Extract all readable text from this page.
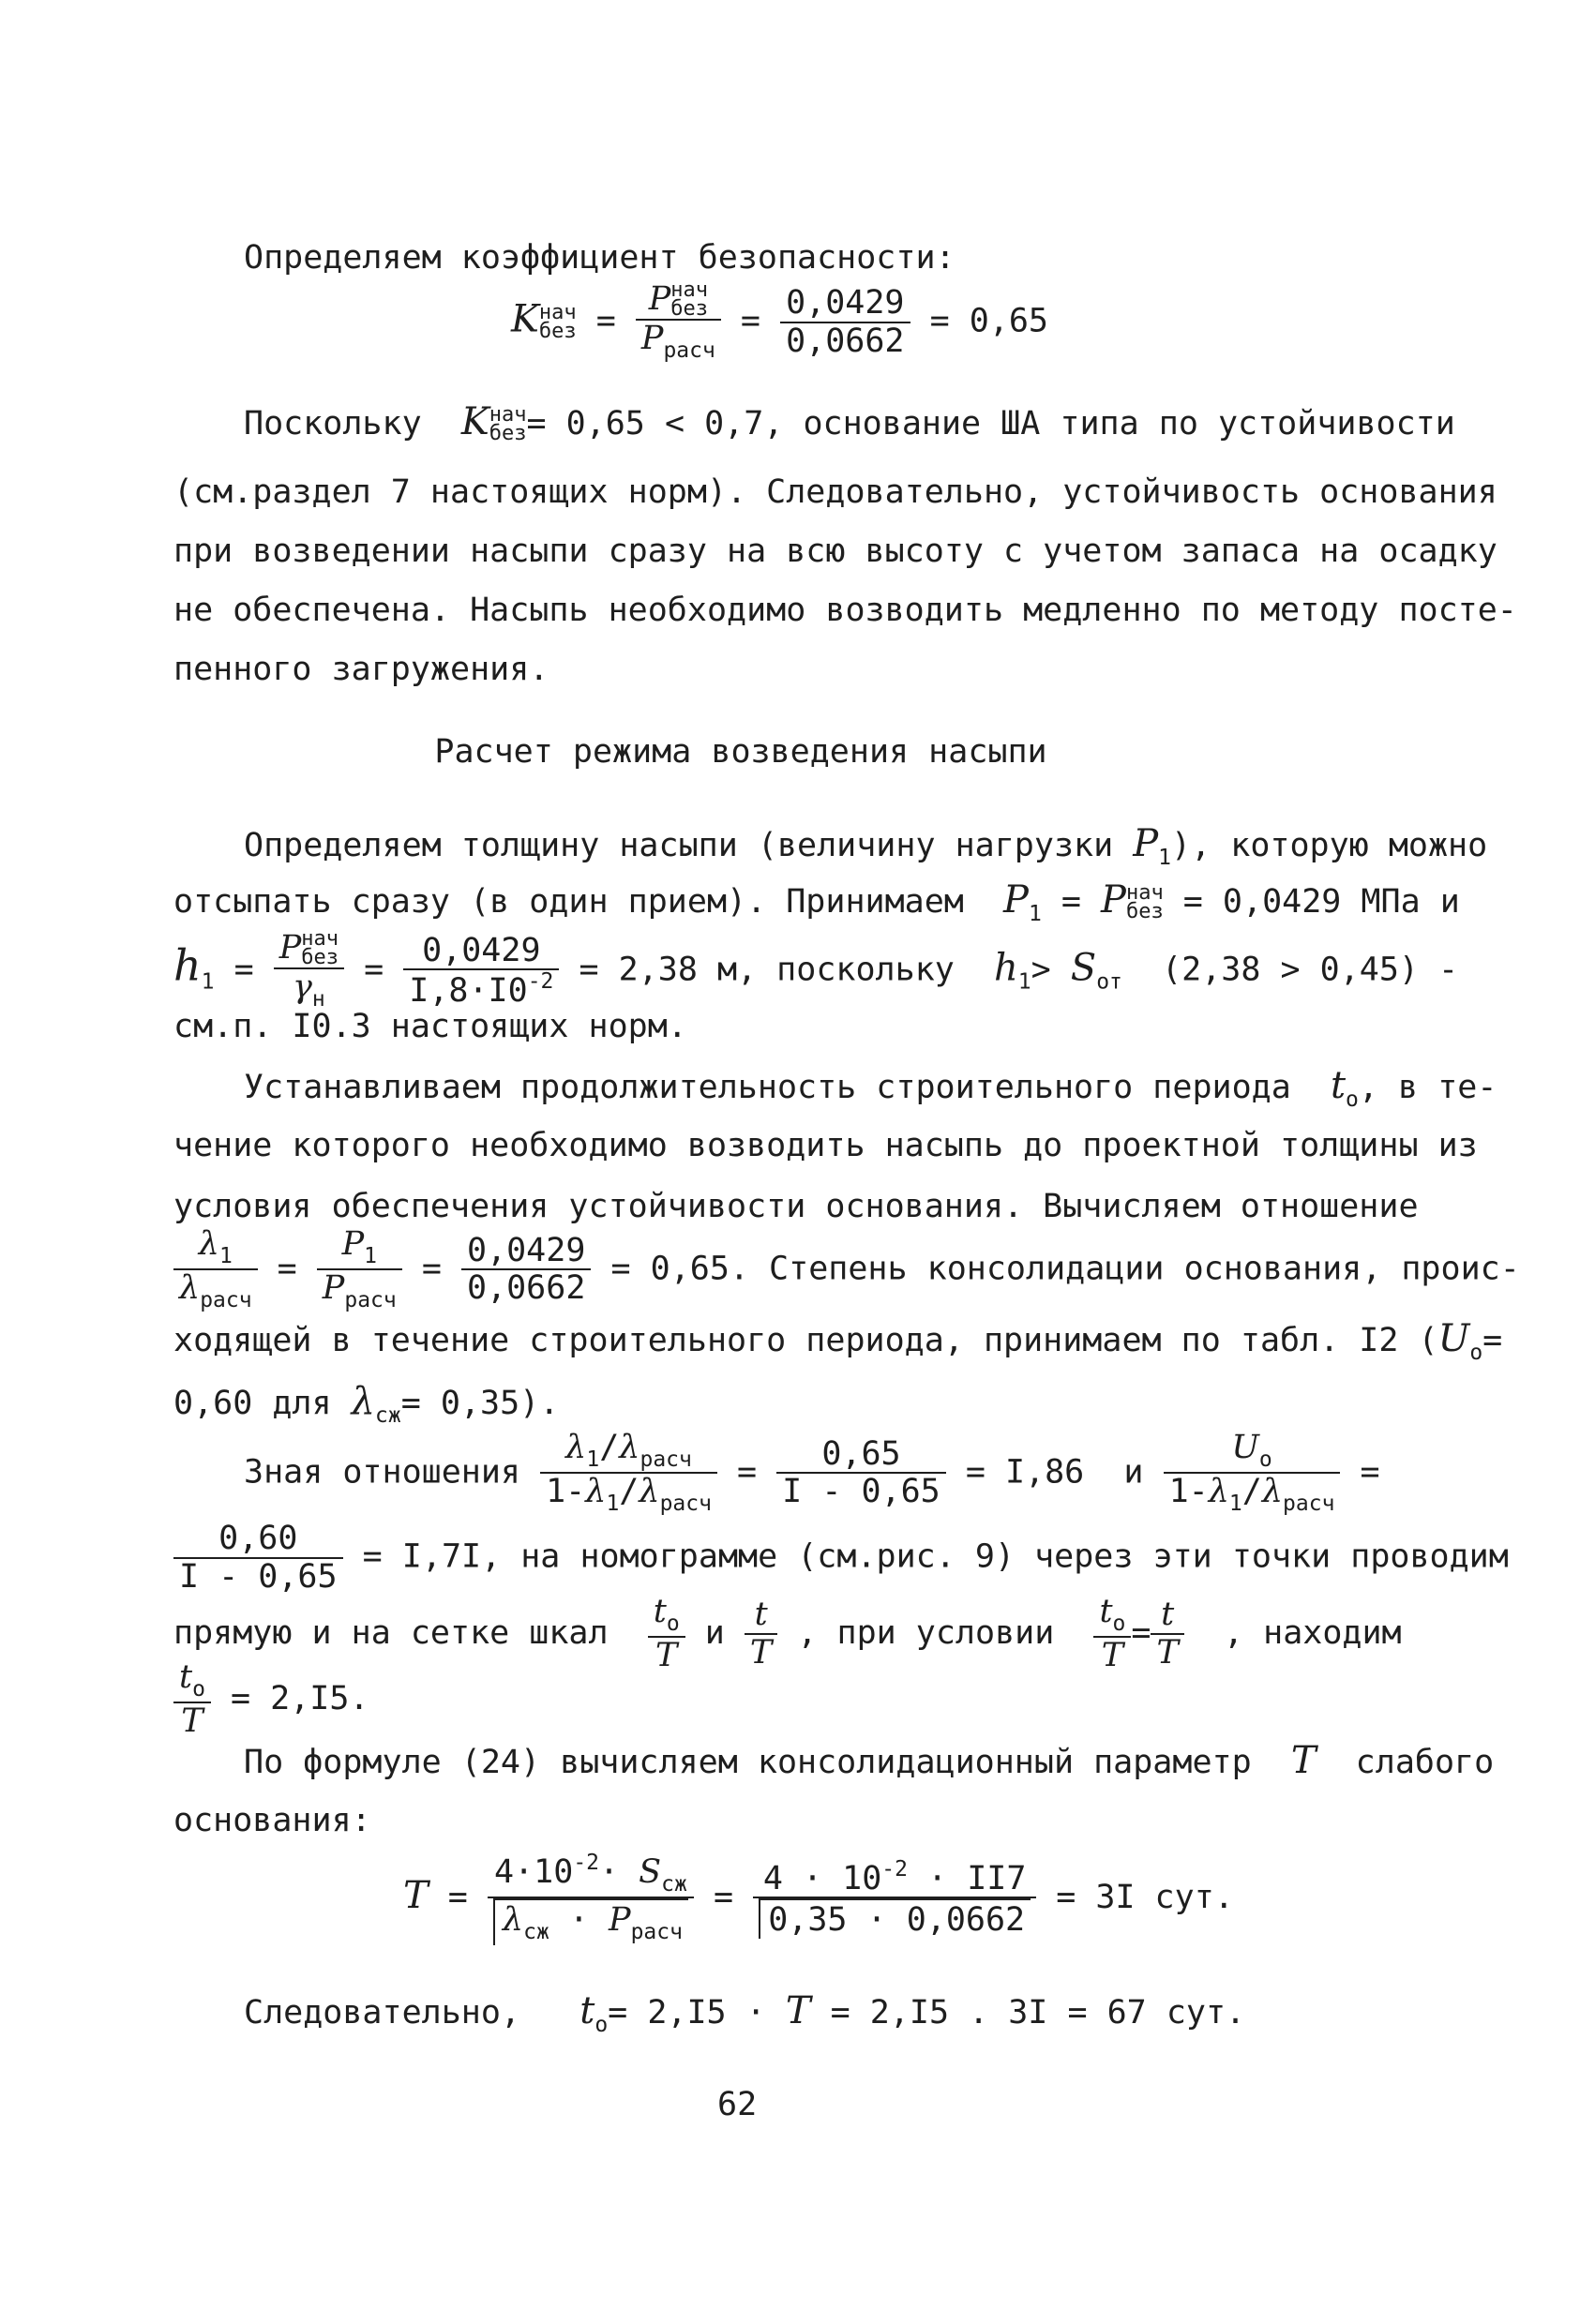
Определяем коэффициент безопасности:
K нач
без = P нач
без
$P_{расч} = \frac{0,0429}{0,0662} = 0,65$
Поскольку K нач
без = 0,65 < 0,7, основание ША типа по устойчивости
(см.раздел 7 настоящих норм). Следовательно, устойчивость основания
при возведении насыпи сразу на всю высоту с учетом запаса на осадку
не обеспечена. Насыпь необходимо возводить медленно по методу посте-
пенного загружения.
Расчет режима возведения насыпи
Определяем толщину насыпи (величину нагрузки $P_1$), которую можно
отсыпать сразу (в один прием). Принимаем $P_1 = P$ нач
без = 0,0429 МПа и
$h_1 = P$ нач
без
$\gamma_н = \frac{0,0429}{I,8\cdot I0^{-2}} = 2,38$ м, поскольку $h_1> S_{от}$ (2,38 > 0,45) -
см.п. I0.3 настоящих норм.
Устанавливаем продолжительность строительного периода $t_o$, в те-
чение которого необходимо возводить насыпь до проектной толщины из
условия обеспечения устойчивости основания. Вычисляем отношение
$\frac{\lambda_1}{\lambda_{расч}} = \frac{P_1}{P_{расч}} = \frac{0,0429}{0,0662} = 0,65$. Степень консолидации основания, проис-
ходящей в течение строительного периода, принимаем по табл. I2 ($U_o=$
0,60 для $\lambda_{сж}= 0,35$).
Зная отношения $\frac{\lambda_1/\lambda_{расч}}{1-\lambda_1/\lambda_{расч}} = \frac{0,65}{I - 0,65} = I,86$ и $\frac{U_o}{1-\lambda_1/\lambda_{расч}}$ =
$\frac{0,60}{I - 0,65} = I,7I$, на номограмме (см.рис. 9) через эти точки проводим
прямую и на сетке шкал $\frac{t_o}{T}$ и $\frac{t}{T}$ , при условии $\frac{t_o}{T} = \frac{t}{T}$ , находим
$\frac{t_o}{T} = 2,I5$.
По формуле (24) вычисляем консолидационный параметр T слабого
основания:
$T = \frac{4\cdot 10^{-2}\cdot S_{сж}}{\lambda_{сж} \cdot P_{расч}} = \frac{4 \cdot 10^{-2} \cdot II7}{0,35 \cdot 0,0662} = 3I$ сут.
Следовательно, $t_o= 2,I5 \cdot T = 2,I5$ . 3I = 67 сут.
62
